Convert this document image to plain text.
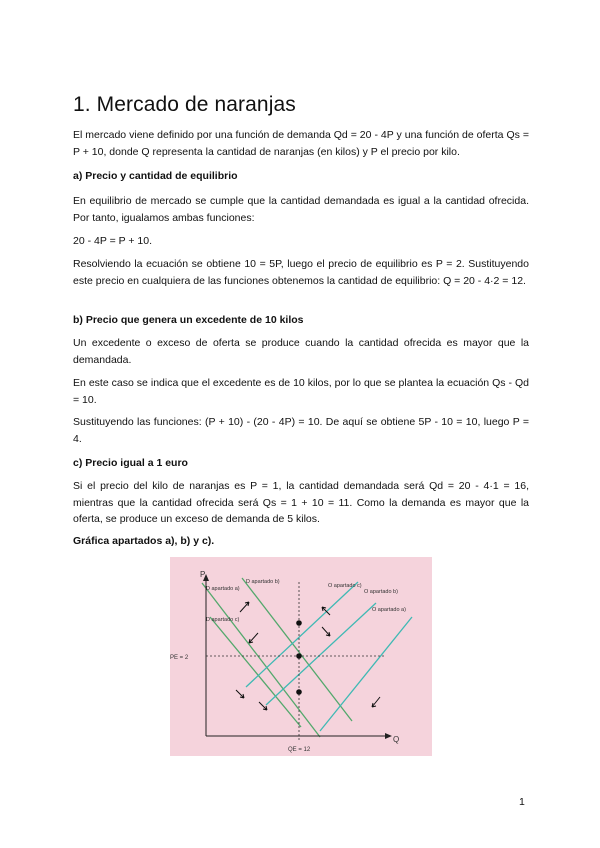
1. Mercado de naranjas

El mercado viene definido por una función de demanda Qd = 20 - 4P y una función de oferta Qs = P + 10, donde Q representa la cantidad de naranjas (en kilos) y P el precio por kilo.

a) Precio y cantidad de equilibrio

En equilibrio de mercado se cumple que la cantidad demandada es igual a la cantidad ofrecida. Por tanto, igualamos ambas funciones:

20 - 4P = P + 10.

Resolviendo la ecuación se obtiene 10 = 5P, luego el precio de equilibrio es P = 2. Sustituyendo este precio en cualquiera de las funciones obtenemos la cantidad de equilibrio: Q = 20 - 4·2 = 12.

b) Precio que genera un excedente de 10 kilos

Un excedente o exceso de oferta se produce cuando la cantidad ofrecida es mayor que la demandada.

En este caso se indica que el excedente es de 10 kilos, por lo que se plantea la ecuación Qs - Qd = 10.

Sustituyendo las funciones: (P + 10) - (20 - 4P) = 10. De aquí se obtiene 5P - 10 = 10, luego P = 4.

c) Precio igual a 1 euro

Si el precio del kilo de naranjas es P = 1, la cantidad demandada será Qd = 20 - 4·1 = 16, mientras que la cantidad ofrecida será Qs = 1 + 10 = 11. Como la demanda es mayor que la oferta, se produce un exceso de demanda de 5 kilos.

Gráfica apartados a), b) y c).

P
Q
PE = 2
QE = 12
D apartado a)
D apartado b)
D apartado c)
O apartado c)
O apartado b)
O apartado a)
1
